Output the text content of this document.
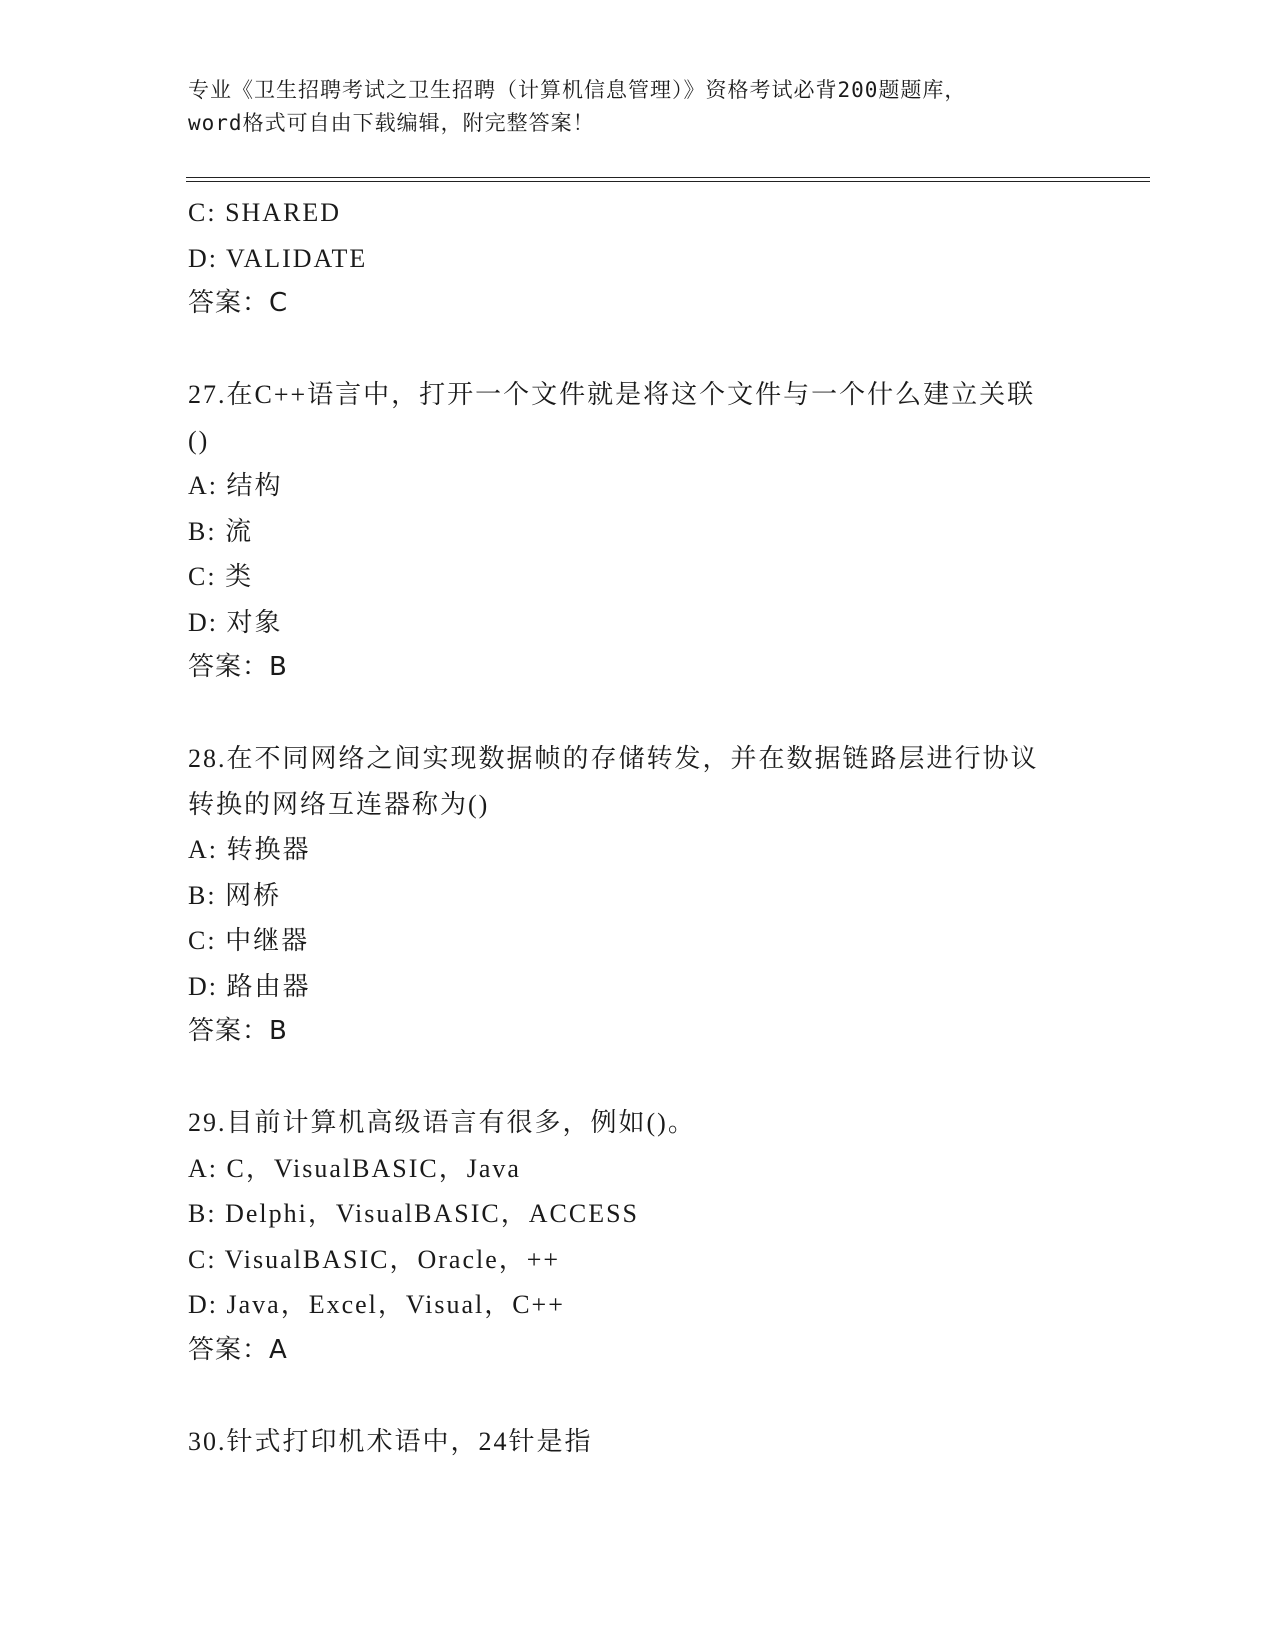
专业《卫生招聘考试之卫生招聘（计算机信息管理）》资格考试必背200题题库，
word格式可自由下载编辑，附完整答案！
C: SHARED
D: VALIDATE
答案：C
27.在C++语言中，打开一个文件就是将这个文件与一个什么建立关联
()
A: 结构
B: 流
C: 类
D: 对象
答案：B
28.在不同网络之间实现数据帧的存储转发，并在数据链路层进行协议
转换的网络互连器称为()
A: 转换器
B: 网桥
C: 中继器
D: 路由器
答案：B
29.目前计算机高级语言有很多，例如()。
A: C，VisualBASIC，Java
B: Delphi，VisualBASIC，ACCESS
C: VisualBASIC，Oracle，++
D: Java，Excel，Visual，C++
答案：A
30.针式打印机术语中，24针是指
